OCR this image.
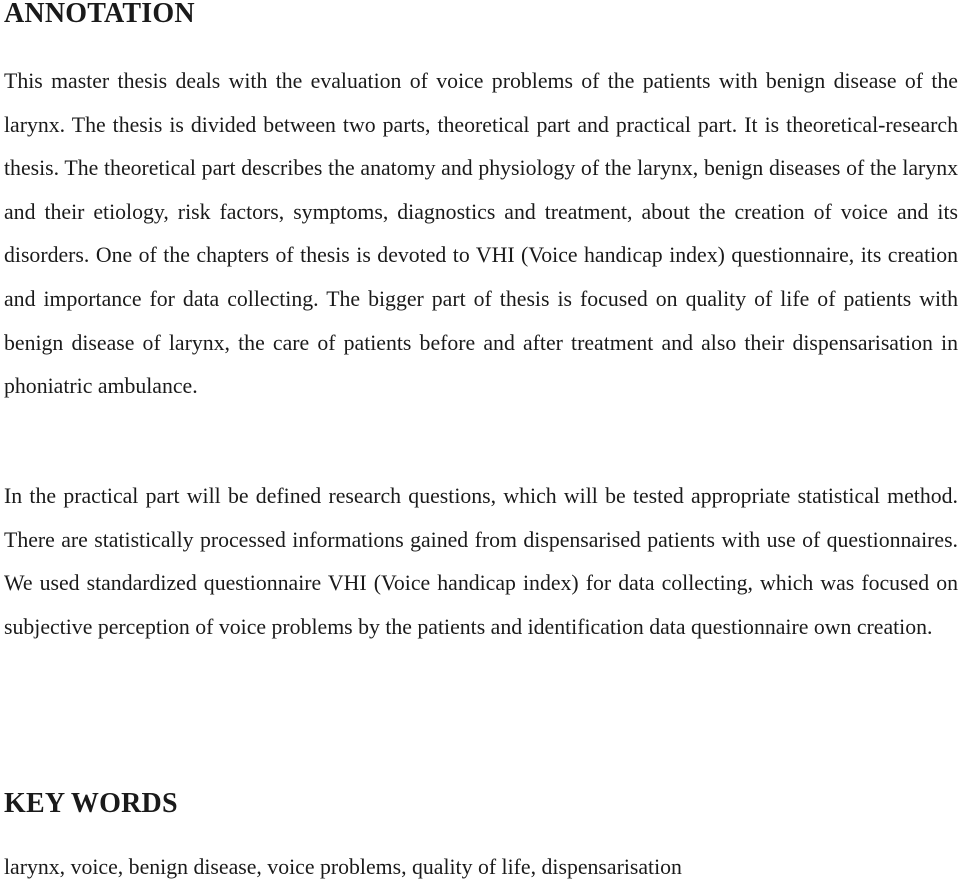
ANNOTATION

This master thesis deals with the evaluation of voice problems of the patients with benign disease of the larynx. The thesis is divided between two parts, theoretical part and practical part. It is theoretical-research thesis. The theoretical part describes the anatomy and physiology of the larynx, benign diseases of the larynx and their etiology, risk factors, symptoms, diagnostics and treatment, about the creation of voice and its disorders. One of the chapters of thesis is devoted to VHI (Voice handicap index) questionnaire, its creation and importance for data collecting. The bigger part of thesis is focused on quality of life of patients with benign disease of larynx, the care of patients before and after treatment and also their dispensarisation in phoniatric ambulance.

In the practical part will be defined research questions, which will be tested appropriate statistical method. There are statistically processed informations gained from dispensarised patients with use of questionnaires. We used standardized questionnaire VHI (Voice handicap index) for data collecting, which was focused on subjective perception of voice problems by the patients and identification data questionnaire own creation.

KEY WORDS

larynx, voice, benign disease, voice problems, quality of life, dispensarisation
